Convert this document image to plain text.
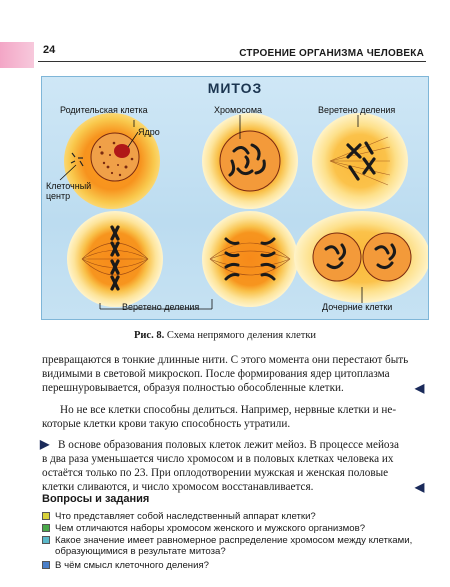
24	СТРОЕНИЕ ОРГАНИЗМА ЧЕЛОВЕКА
МИТОЗ
Родительская клетка
Ядро
Клеточный
центр
Хромосома	Веретено деления
Веретено деления	Дочерние клетки
Рис. 8. Схема непрямого деления клетки
превращаются в тонкие длинные нити. С этого момента они перестают быть
видимыми в световой микроскоп. После формирования ядер цитоплазма
перешнуровывается, образуя полностью обособленные клетки.	◀
Но не все клетки способны делиться. Например, нервные клетки и не-
которые клетки крови такую способность утратили.
▶ В основе образования половых клеток лежит мейоз. В процессе мейоза
в два раза уменьшается число хромосом и в половых клетках человека их
остаётся только по 23. При оплодотворении мужская и женская половые
клетки сливаются, и число хромосом восстанавливается.	◀
Вопросы и задания
Что представляет собой наследственный аппарат клетки?
Чем отличаются наборы хромосом женского и мужского организмов?
Какое значение имеет равномерное распределение хромосом между клетками,
образующимися в результате митоза?
В чём смысл клеточного деления?
